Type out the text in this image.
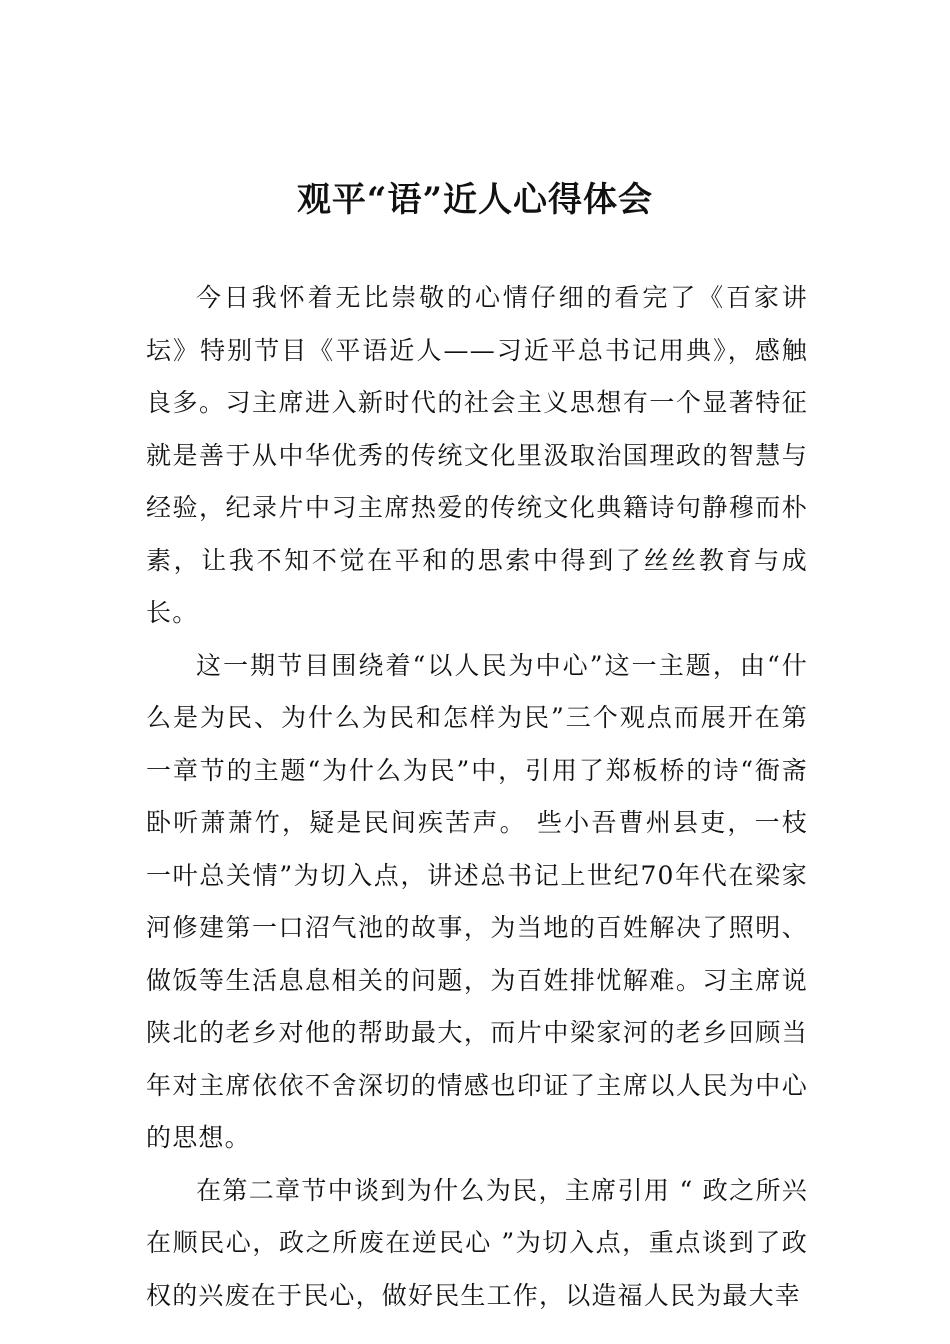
观平“语”近人心得体会

今日我怀着无比崇敬的心情仔细的看完了《百家讲坛》特别节目《平语近人——习近平总书记用典》，感触良多。习主席进入新时代的社会主义思想有一个显著特征就是善于从中华优秀的传统文化里汲取治国理政的智慧与经验，纪录片中习主席热爱的传统文化典籍诗句静穆而朴素，让我不知不觉在平和的思索中得到了丝丝教育与成长。

这一期节目围绕着“以人民为中心”这一主题，由“什么是为民、为什么为民和怎样为民”三个观点而展开在第一章节的主题“为什么为民”中，引用了郑板桥的诗“衙斋卧听萧萧竹，疑是民间疾苦声。 些小吾曹州县吏，一枝一叶总关情”为切入点，讲述总书记上世纪70年代在梁家河修建第一口沼气池的故事，为当地的百姓解决了照明、做饭等生活息息相关的问题，为百姓排忧解难。习主席说陕北的老乡对他的帮助最大，而片中梁家河的老乡回顾当年对主席依依不舍深切的情感也印证了主席以人民为中心的思想。

在第二章节中谈到为什么为民，主席引用 “ 政之所兴在顺民心，政之所废在逆民心 ”为切入点，重点谈到了政权的兴废在于民心，做好民生工作，以造福人民为最大幸
